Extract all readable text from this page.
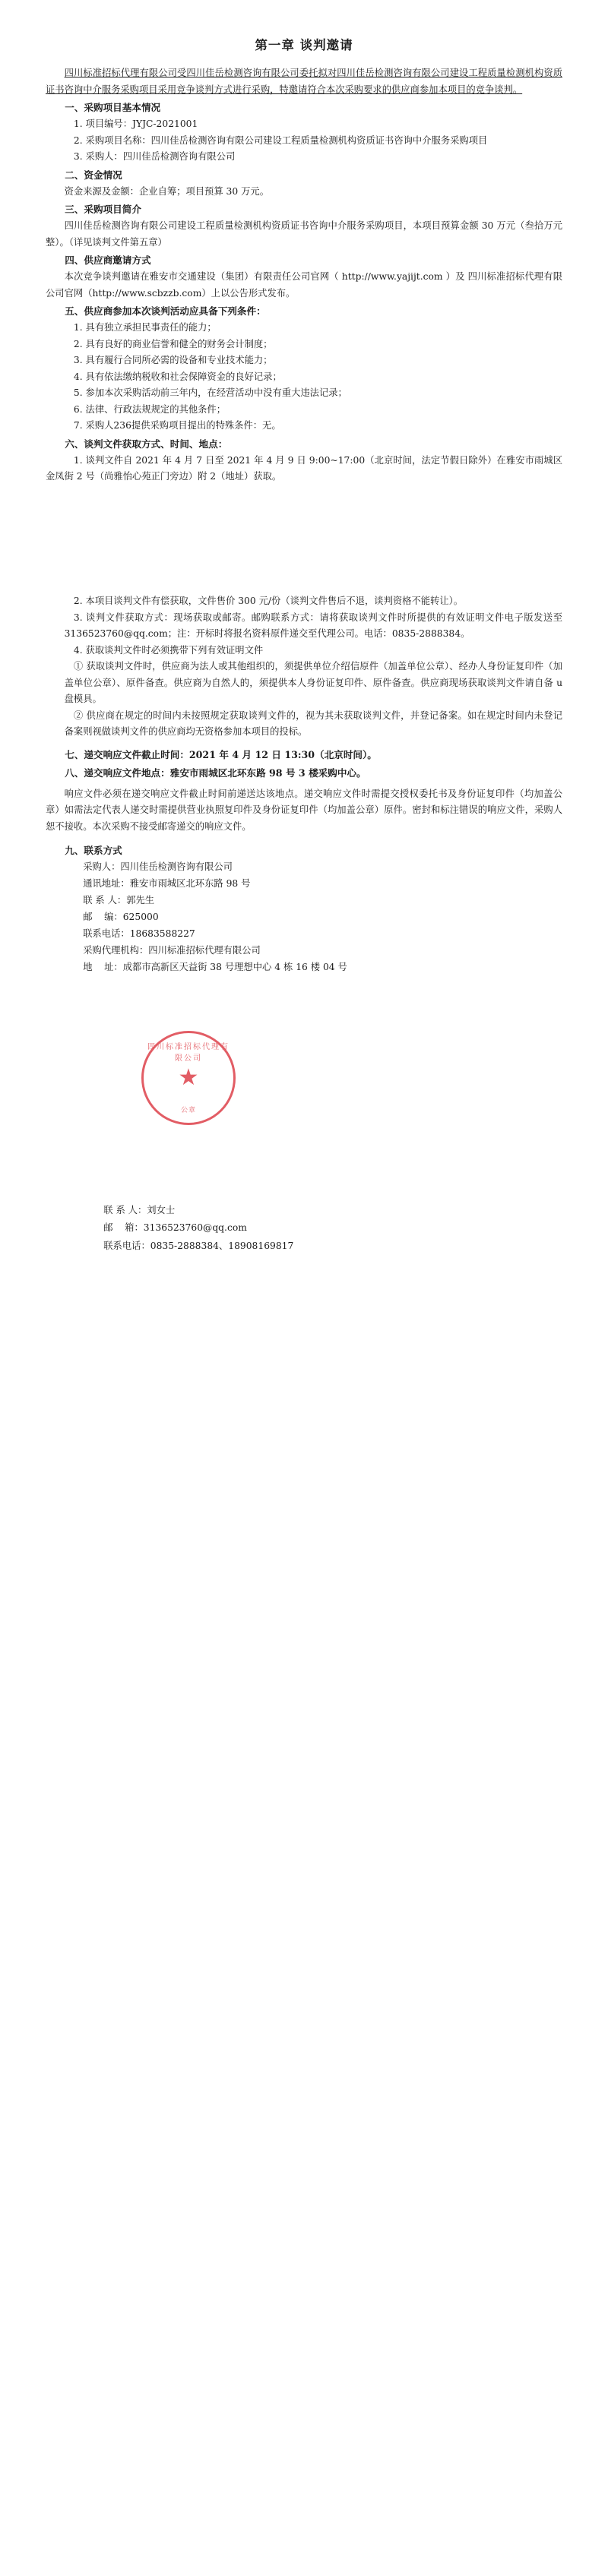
第一章 谈判邀请

四川标准招标代理有限公司受四川佳岳检测咨询有限公司委托拟对四川佳岳检测咨询有限公司建设工程质量检测机构资质证书咨询中介服务采购项目采用竞争谈判方式进行采购，特邀请符合本次采购要求的供应商参加本项目的竞争谈判。

一、采购项目基本情况

1. 项目编号：JYJC-2021001

2. 采购项目名称：四川佳岳检测咨询有限公司建设工程质量检测机构资质证书咨询中介服务采购项目

3. 采购人：四川佳岳检测咨询有限公司

二、资金情况

资金来源及金额：企业自筹；项目预算 30 万元。

三、采购项目简介

四川佳岳检测咨询有限公司建设工程质量检测机构资质证书咨询中介服务采购项目，本项目预算金额 30 万元（叁拾万元整）。（详见谈判文件第五章）

四、供应商邀请方式

本次竞争谈判邀请在雅安市交通建设（集团）有限责任公司官网（ http://www.yajijt.com ）及 四川标准招标代理有限公司官网（http://www.scbzzb.com）上以公告形式发布。

五、供应商参加本次谈判活动应具备下列条件：

1. 具有独立承担民事责任的能力；

2. 具有良好的商业信誉和健全的财务会计制度；

3. 具有履行合同所必需的设备和专业技术能力；

4. 具有依法缴纳税收和社会保障资金的良好记录；

5. 参加本次采购活动前三年内，在经营活动中没有重大违法记录；

6. 法律、行政法规规定的其他条件；

7. 采购人236提供采购项目提出的特殊条件：无。

六、谈判文件获取方式、时间、地点：

1. 谈判文件自 2021 年 4 月 7 日至 2021 年 4 月 9 日 9:00~17:00（北京时间，法定节假日除外）在雅安市雨城区金凤街 2 号（尚雅怡心苑正门旁边）附 2（地址）获取。

2. 本项目谈判文件有偿获取，文件售价 300 元/份（谈判文件售后不退，谈判资格不能转让）。

3. 谈判文件获取方式：现场获取或邮寄。邮购联系方式：请将获取谈判文件时所提供的有效证明文件电子版发送至 3136523760@qq.com；注：开标时将报名资料原件递交至代理公司。电话：0835-2888384。

4. 获取谈判文件时必须携带下列有效证明文件

① 获取谈判文件时，供应商为法人或其他组织的，须提供单位介绍信原件（加盖单位公章）、经办人身份证复印件（加盖单位公章）、原件备查。供应商为自然人的，须提供本人身份证复印件、原件备查。供应商现场获取谈判文件请自备 u 盘模具。

② 供应商在规定的时间内未按照规定获取谈判文件的，视为其未获取谈判文件，并登记备案。如在规定时间内未登记备案则视做谈判文件的供应商均无资格参加本项目的投标。

七、递交响应文件截止时间：2021 年 4 月 12 日 13:30（北京时间）。

八、递交响应文件地点：雅安市雨城区北环东路 98 号 3 楼采购中心。

响应文件必须在递交响应文件截止时间前递送达该地点。递交响应文件时需提交授权委托书及身份证复印件（均加盖公章）如需法定代表人递交时需提供营业执照复印件及身份证复印件（均加盖公章）原件。密封和标注错误的响应文件，采购人恕不接收。本次采购不接受邮寄递交的响应文件。

九、联系方式

采购人：四川佳岳检测咨询有限公司

通讯地址：雅安市雨城区北环东路 98 号

联 系 人：郭先生

邮    编：625000

联系电话：18683588227

采购代理机构：四川标准招标代理有限公司

地    址：成都市高新区天益街 38 号理想中心 4 栋 16 楼 04 号

四川标准招标代理有限公司
★
公章

联 系 人：刘女士

邮    箱：3136523760@qq.com

联系电话：0835-2888384、18908169817
